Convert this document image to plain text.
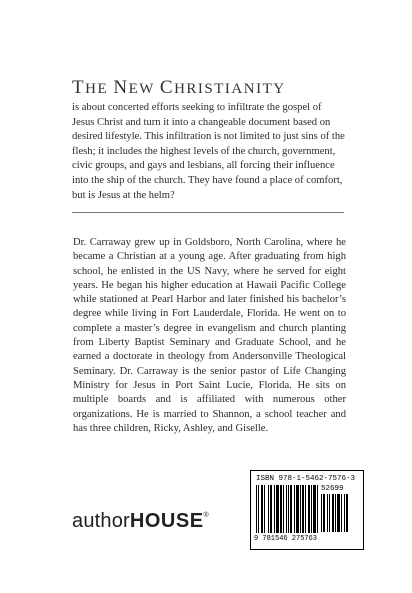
THE NEW CHRISTIANITY
is about concerted efforts seeking to infiltrate the gospel of Jesus Christ and turn it into a changeable document based on desired lifestyle. This infiltration is not limited to just sins of the flesh; it includes the highest levels of the church, government, civic groups, and gays and lesbians, all forcing their influence into the ship of the church. They have found a place of comfort, but is Jesus at the helm?
Dr. Carraway grew up in Goldsboro, North Carolina, where he became a Christian at a young age. After graduating from high school, he enlisted in the US Navy, where he served for eight years. He began his higher education at Hawaii Pacific College while stationed at Pearl Harbor and later finished his bachelor’s degree while living in Fort Lauderdale, Florida. He went on to complete a master’s degree in evangelism and church planting from Liberty Baptist Seminary and Graduate School, and he earned a doctorate in theology from Andersonville Theological Seminary. Dr. Carraway is the senior pastor of Life Changing Ministry for Jesus in Port Saint Lucie, Florida. He sits on multiple boards and is affiliated with numerous other organizations. He is married to Shannon, a school teacher and has three children, Ricky, Ashley, and Giselle.
authorHOUSE®
ISBN 978-1-5462-7576-3
52699
9 781546 275763
